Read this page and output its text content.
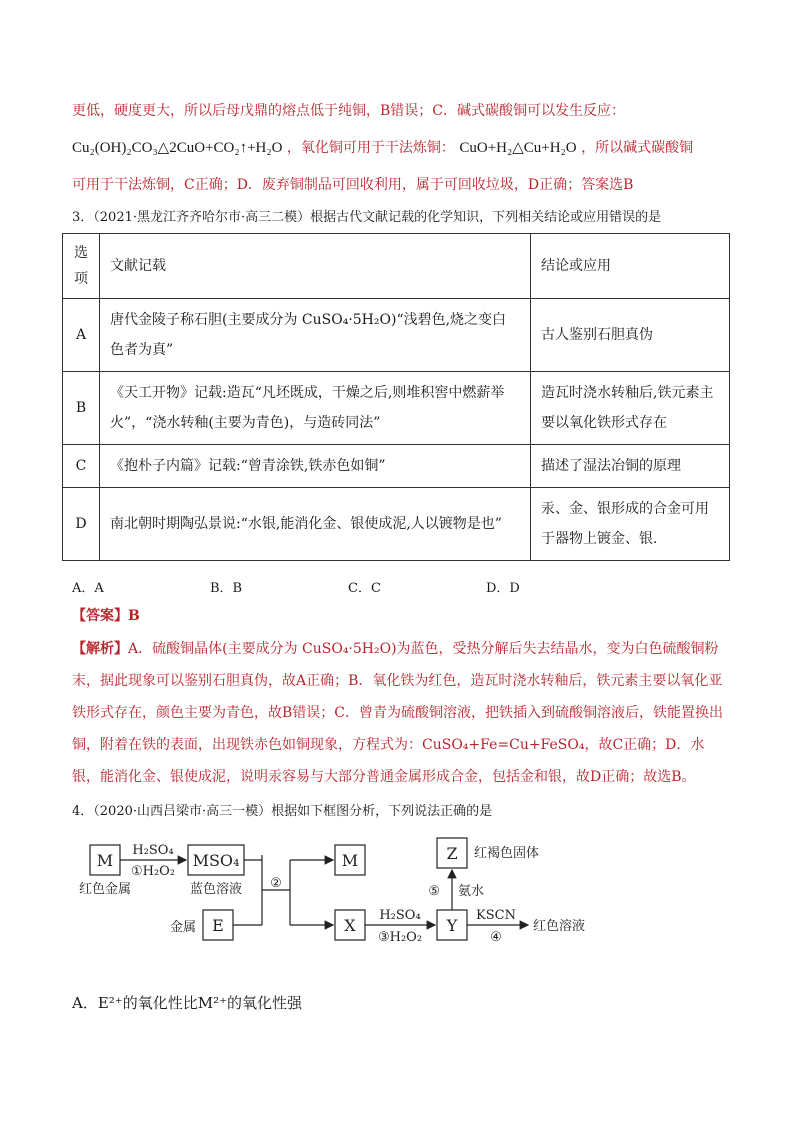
更低，硬度更大，所以后母戊鼎的熔点低于纯铜，B错误；C．碱式碳酸铜可以发生反应：
Cu₂(OH)₂CO₃△2CuO+CO₂↑+H₂O ，氧化铜可用于干法炼铜： CuO+H₂△Cu+H₂O ，所以碱式碳酸铜
可用于干法炼铜，C正确；D．废弃铜制品可回收利用，属于可回收垃圾，D正确；答案选B
3．（2021·黑龙江齐齐哈尔市·高三二模）根据古代文献记载的化学知识，下列相关结论或应用错误的是
选项	文献记载	结论或应用
A	唐代金陵子称石胆(主要成分为 CuSO₄·5H₂O)“浅碧色,烧之变白色者为真”	古人鉴别石胆真伪
B	《天工开物》记载:造瓦“凡坯既成，干燥之后,则堆积窖中燃薪举火”，“浇水转釉(主要为青色)，与造砖同法”	造瓦时浇水转釉后,铁元素主要以氧化铁形式存在
C	《抱朴子内篇》记载:“曾青涂铁,铁赤色如铜”	描述了湿法冶铜的原理
D	南北朝时期陶弘景说:“水银,能消化金、银使成泥,人以镀物是也”	汞、金、银形成的合金可用于器物上镀金、银.
A．A	B．B	C．C	D．D
【答案】B
【解析】A．硫酸铜晶体(主要成分为 CuSO₄·5H₂O)为蓝色，受热分解后失去结晶水，变为白色硫酸铜粉末，据此现象可以鉴别石胆真伪，故A正确；B．氧化铁为红色，造瓦时浇水转釉后，铁元素主要以氧化亚铁形式存在，颜色主要为青色，故B错误；C．曾青为硫酸铜溶液，把铁插入到硫酸铜溶液后，铁能置换出铜，附着在铁的表面，出现铁赤色如铜现象，方程式为：CuSO₄+Fe=Cu+FeSO₄，故C正确；D．水银，能消化金、银使成泥，说明汞容易与大部分普通金属形成合金，包括金和银，故D正确；故选B。
4．（2020·山西吕梁市·高三一模）根据如下框图分析，下列说法正确的是
M	MSO₄
E
M
X	Y
Z
H₂SO₄
①H₂O₂
红色金属	蓝色溶液
金属
②
H₂SO₄
③H₂O₂
⑤ 氨水
红褐色固体
KSCN
④
红色溶液
A．E²⁺的氧化性比M²⁺的氧化性强
